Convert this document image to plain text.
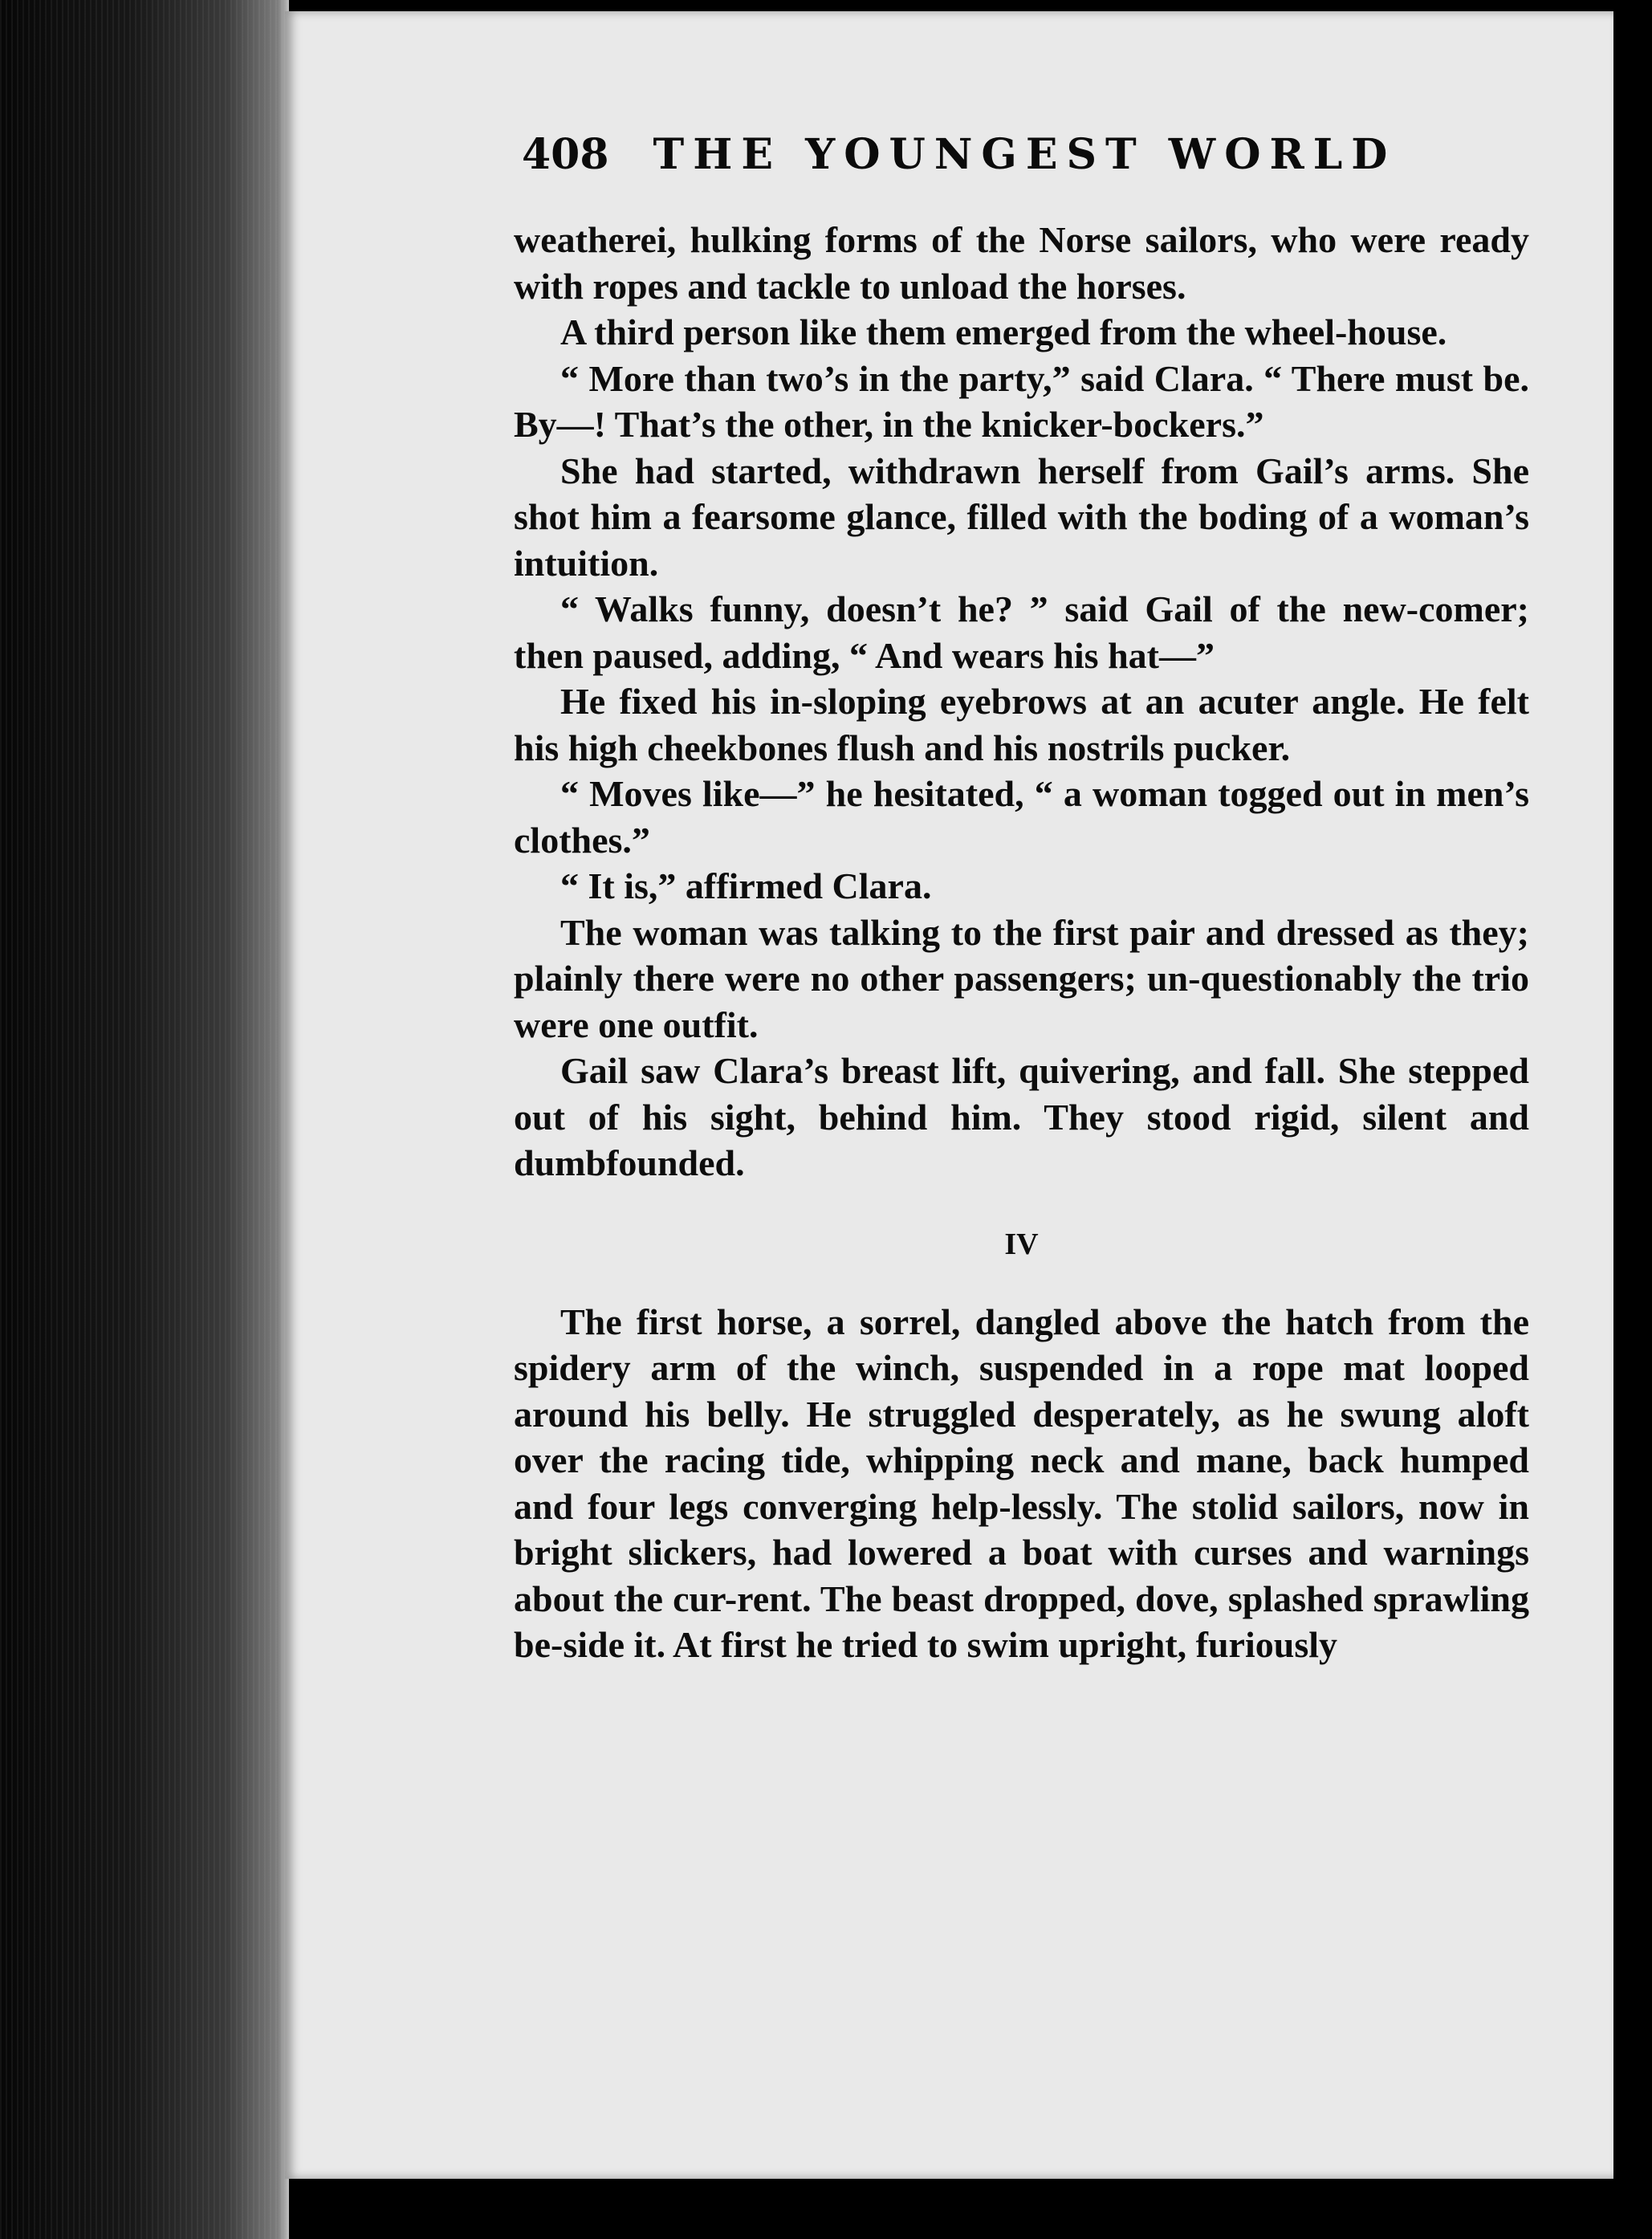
408 THE YOUNGEST WORLD

weatherei, hulking forms of the Norse sailors, who were ready with ropes and tackle to unload the horses.

A third person like them emerged from the wheel-house.

“ More than two’s in the party,” said Clara. “ There must be. By—! That’s the other, in the knicker-bockers.”

She had started, withdrawn herself from Gail’s arms. She shot him a fearsome glance, filled with the boding of a woman’s intuition.

“ Walks funny, doesn’t he? ” said Gail of the new-comer; then paused, adding, “ And wears his hat—”

He fixed his in-sloping eyebrows at an acuter angle. He felt his high cheekbones flush and his nostrils pucker.

“ Moves like—” he hesitated, “ a woman togged out in men’s clothes.”

“ It is,” affirmed Clara.

The woman was talking to the first pair and dressed as they; plainly there were no other passengers; un-questionably the trio were one outfit.

Gail saw Clara’s breast lift, quivering, and fall. She stepped out of his sight, behind him. They stood rigid, silent and dumbfounded.

IV

The first horse, a sorrel, dangled above the hatch from the spidery arm of the winch, suspended in a rope mat looped around his belly. He struggled desperately, as he swung aloft over the racing tide, whipping neck and mane, back humped and four legs converging help-lessly. The stolid sailors, now in bright slickers, had lowered a boat with curses and warnings about the cur-rent. The beast dropped, dove, splashed sprawling be-side it. At first he tried to swim upright, furiously
